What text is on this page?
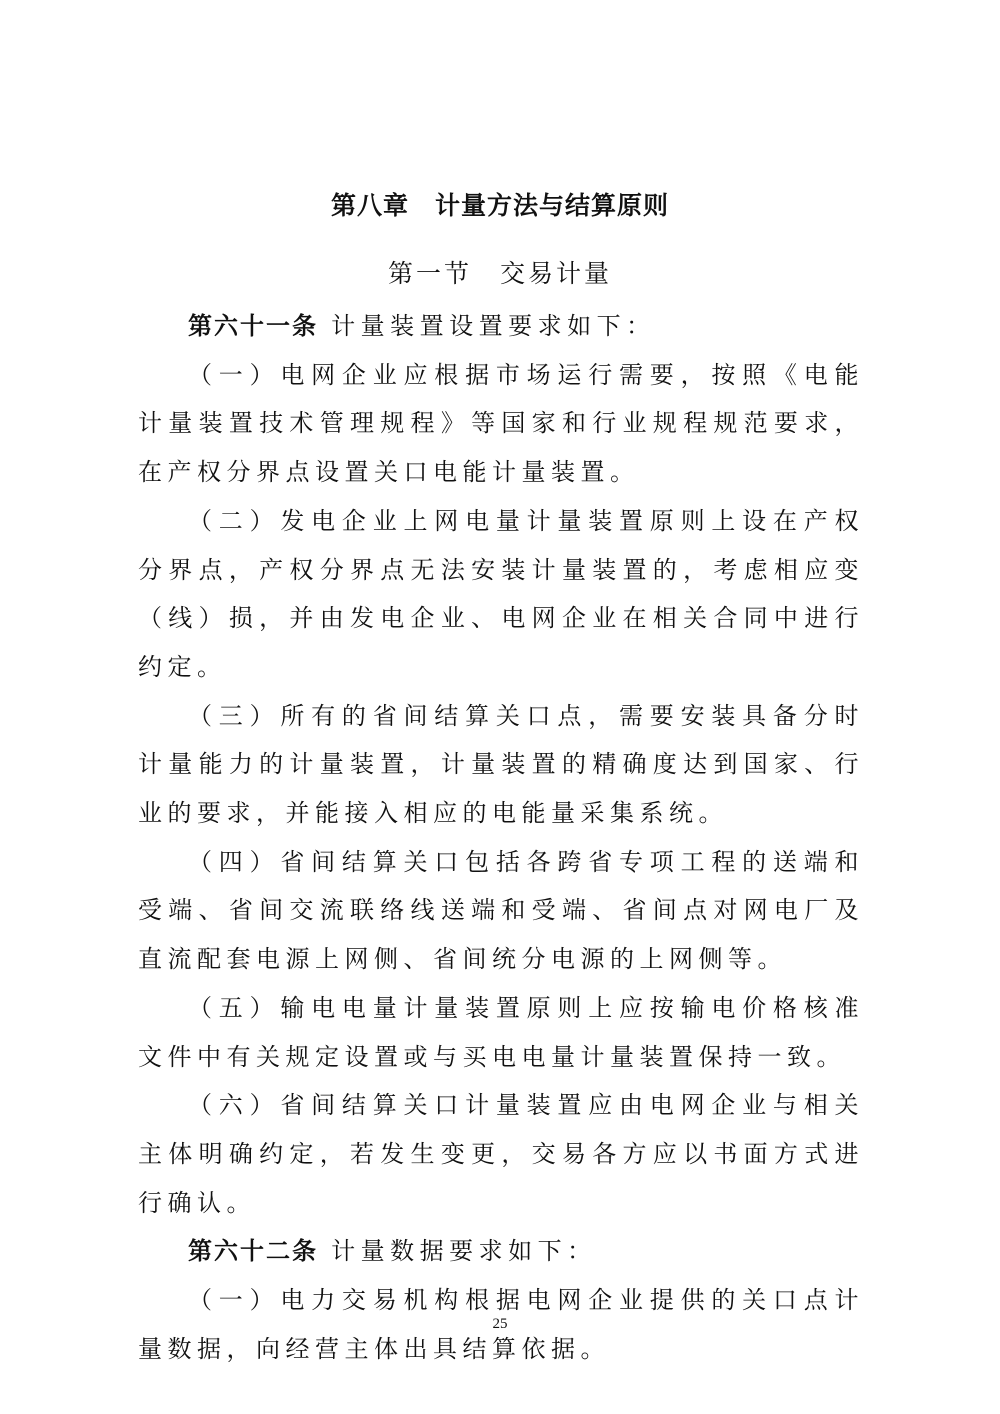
第八章　计量方法与结算原则
第一节　交易计量

第六十一条 计量装置设置要求如下：

（一）电网企业应根据市场运行需要，按照《电能计量装置技术管理规程》等国家和行业规程规范要求，在产权分界点设置关口电能计量装置。

（二）发电企业上网电量计量装置原则上设在产权分界点，产权分界点无法安装计量装置的，考虑相应变（线）损，并由发电企业、电网企业在相关合同中进行约定。

（三）所有的省间结算关口点，需要安装具备分时计量能力的计量装置，计量装置的精确度达到国家、行业的要求，并能接入相应的电能量采集系统。

（四）省间结算关口包括各跨省专项工程的送端和受端、省间交流联络线送端和受端、省间点对网电厂及直流配套电源上网侧、省间统分电源的上网侧等。

（五）输电电量计量装置原则上应按输电价格核准文件中有关规定设置或与买电电量计量装置保持一致。

（六）省间结算关口计量装置应由电网企业与相关主体明确约定，若发生变更，交易各方应以书面方式进行确认。

第六十二条 计量数据要求如下：

（一）电力交易机构根据电网企业提供的关口点计量数据，向经营主体出具结算依据。

25
